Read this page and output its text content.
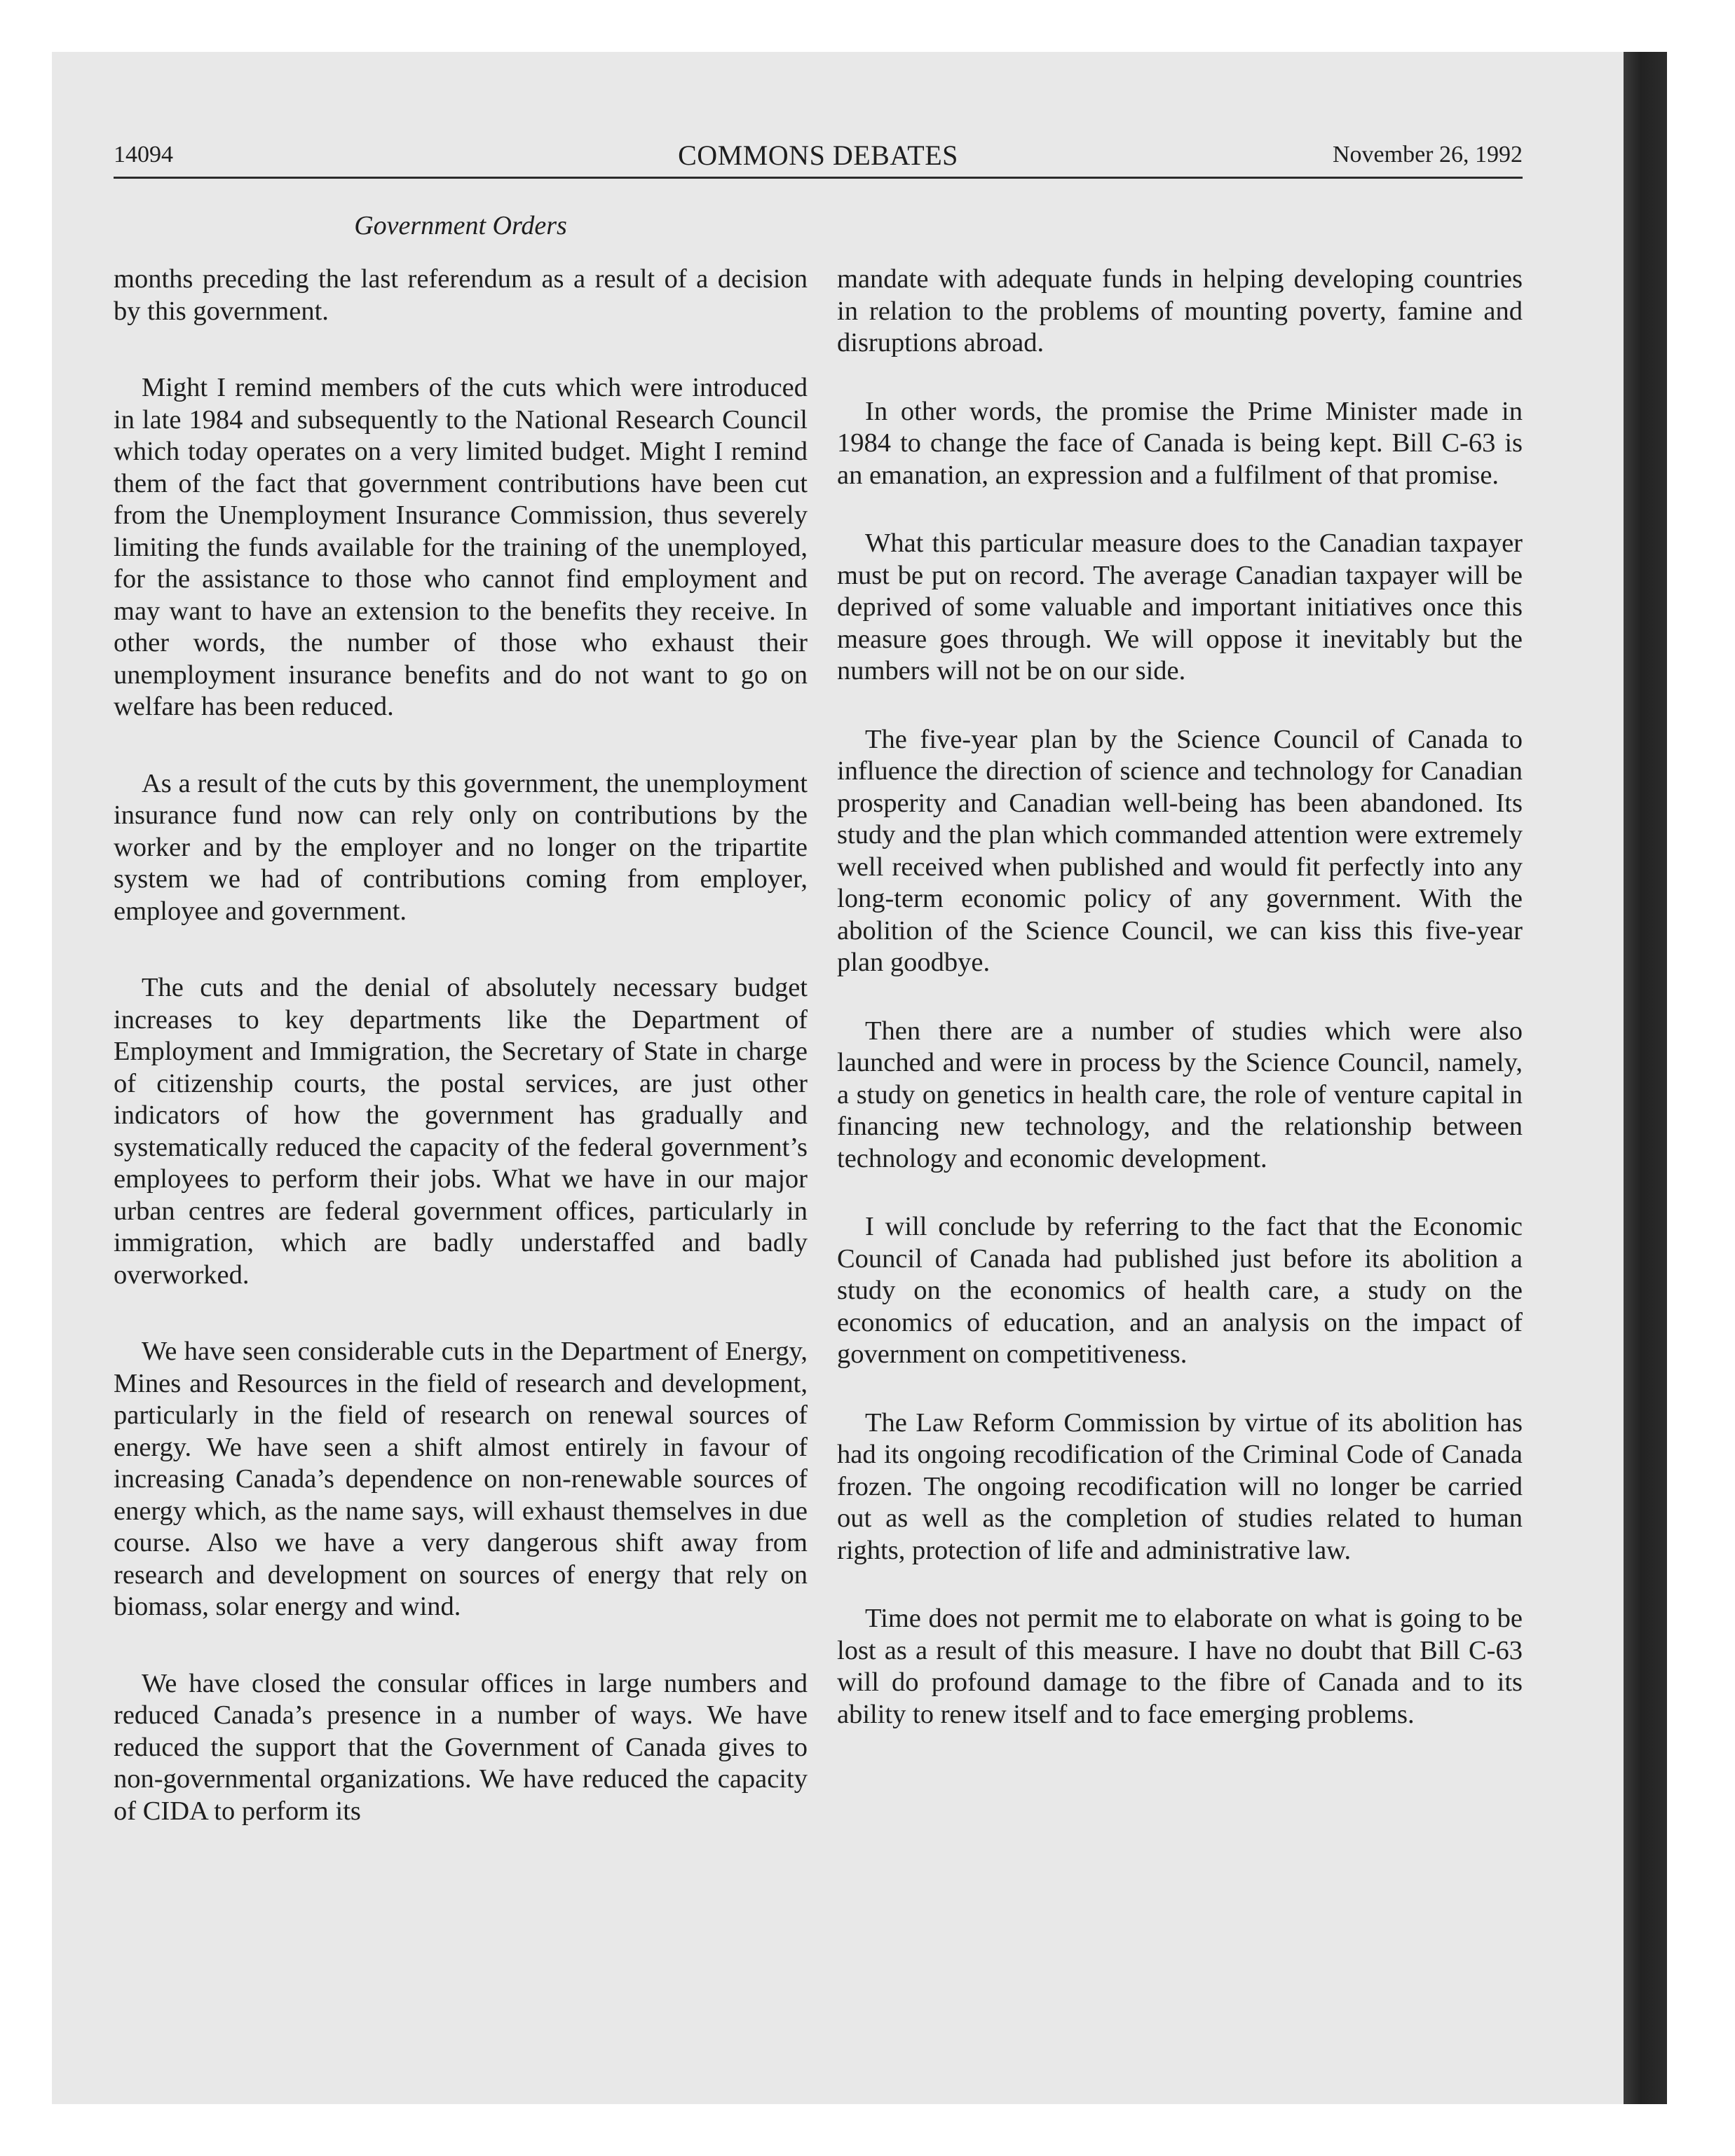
14094	COMMONS DEBATES	November 26, 1992
Government Orders

months preceding the last referendum as a result of a decision by this government.

Might I remind members of the cuts which were introduced in late 1984 and subsequently to the National Research Council which today operates on a very limited budget. Might I remind them of the fact that government contributions have been cut from the Unemployment Insurance Commission, thus severely limiting the funds available for the training of the unemployed, for the assistance to those who cannot find employment and may want to have an extension to the benefits they receive. In other words, the number of those who exhaust their unemployment insurance benefits and do not want to go on welfare has been reduced.

As a result of the cuts by this government, the unemployment insurance fund now can rely only on contributions by the worker and by the employer and no longer on the tripartite system we had of contributions coming from employer, employee and government.

The cuts and the denial of absolutely necessary budget increases to key departments like the Department of Employment and Immigration, the Secretary of State in charge of citizenship courts, the postal services, are just other indicators of how the government has gradually and systematically reduced the capacity of the federal government’s employees to perform their jobs. What we have in our major urban centres are federal government offices, particularly in immigration, which are badly understaffed and badly overworked.

We have seen considerable cuts in the Department of Energy, Mines and Resources in the field of research and development, particularly in the field of research on renewal sources of energy. We have seen a shift almost entirely in favour of increasing Canada’s dependence on non-renewable sources of energy which, as the name says, will exhaust themselves in due course. Also we have a very dangerous shift away from research and development on sources of energy that rely on biomass, solar energy and wind.

We have closed the consular offices in large numbers and reduced Canada’s presence in a number of ways. We have reduced the support that the Government of Canada gives to non-governmental organizations. We have reduced the capacity of CIDA to perform its

mandate with adequate funds in helping developing countries in relation to the problems of mounting poverty, famine and disruptions abroad.

In other words, the promise the Prime Minister made in 1984 to change the face of Canada is being kept. Bill C-63 is an emanation, an expression and a fulfilment of that promise.

What this particular measure does to the Canadian taxpayer must be put on record. The average Canadian taxpayer will be deprived of some valuable and important initiatives once this measure goes through. We will oppose it inevitably but the numbers will not be on our side.

The five-year plan by the Science Council of Canada to influence the direction of science and technology for Canadian prosperity and Canadian well-being has been abandoned. Its study and the plan which commanded attention were extremely well received when published and would fit perfectly into any long-term economic policy of any government. With the abolition of the Science Council, we can kiss this five-year plan goodbye.

Then there are a number of studies which were also launched and were in process by the Science Council, namely, a study on genetics in health care, the role of venture capital in financing new technology, and the relationship between technology and economic development.

I will conclude by referring to the fact that the Economic Council of Canada had published just before its abolition a study on the economics of health care, a study on the economics of education, and an analysis on the impact of government on competitiveness.

The Law Reform Commission by virtue of its abolition has had its ongoing recodification of the Criminal Code of Canada frozen. The ongoing recodification will no longer be carried out as well as the completion of studies related to human rights, protection of life and administrative law.

Time does not permit me to elaborate on what is going to be lost as a result of this measure. I have no doubt that Bill C-63 will do profound damage to the fibre of Canada and to its ability to renew itself and to face emerging problems.
